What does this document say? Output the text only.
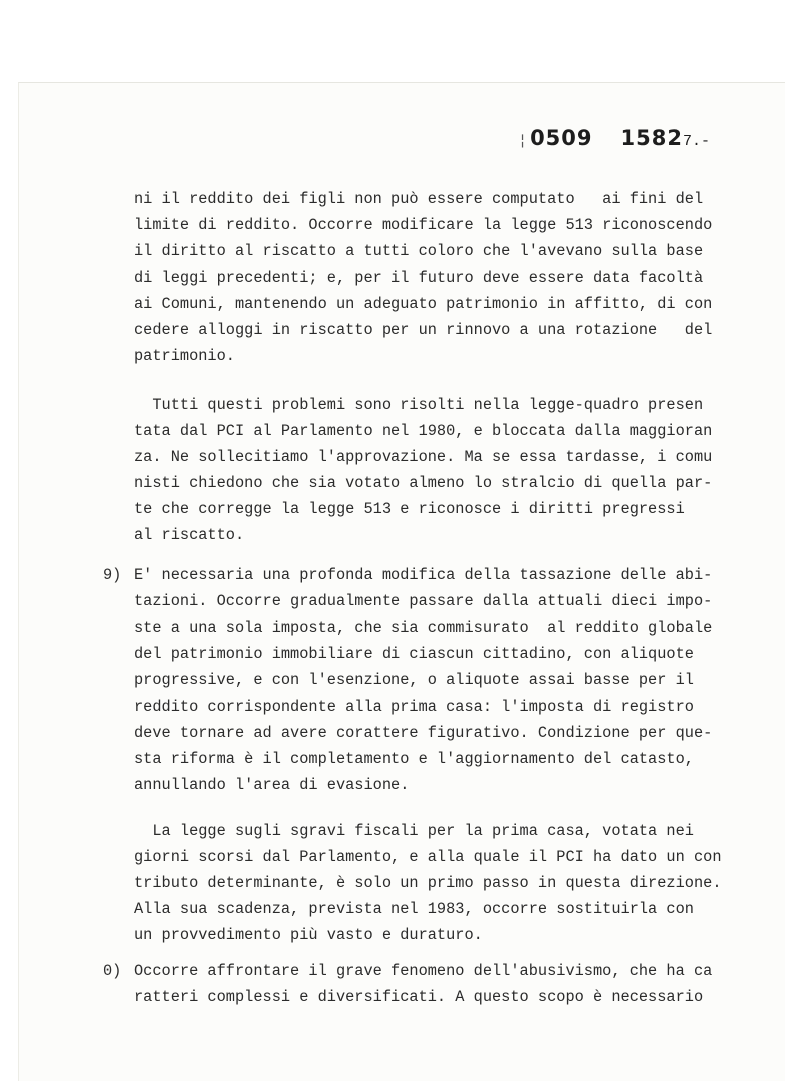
¦ 0509 15827.-
ni il reddito dei figli non può essere computato   ai fini del
limite di reddito. Occorre modificare la legge 513 riconoscendo
il diritto al riscatto a tutti coloro che l'avevano sulla base
di leggi precedenti; e, per il futuro deve essere data facoltà
ai Comuni, mantenendo un adeguato patrimonio in affitto, di con
cedere alloggi in riscatto per un rinnovo a una rotazione   del
patrimonio.
Tutti questi problemi sono risolti nella legge-quadro presen
tata dal PCI al Parlamento nel 1980, e bloccata dalla maggioran
za. Ne sollecitiamo l'approvazione. Ma se essa tardasse, i comu
nisti chiedono che sia votato almeno lo stralcio di quella par-
te che corregge la legge 513 e riconosce i diritti pregressi
al riscatto.
9) E' necessaria una profonda modifica della tassazione delle abi-
tazioni. Occorre gradualmente passare dalla attuali dieci impo-
ste a una sola imposta, che sia commisurato  al reddito globale
del patrimonio immobiliare di ciascun cittadino, con aliquote
progressive, e con l'esenzione, o aliquote assai basse per il
reddito corrispondente alla prima casa: l'imposta di registro
deve tornare ad avere corattere figurativo. Condizione per que-
sta riforma è il completamento e l'aggiornamento del catasto,
annullando l'area di evasione.
La legge sugli sgravi fiscali per la prima casa, votata nei
giorni scorsi dal Parlamento, e alla quale il PCI ha dato un con
tributo determinante, è solo un primo passo in questa direzione.
Alla sua scadenza, prevista nel 1983, occorre sostituirla con
un provvedimento più vasto e duraturo.
0) Occorre affrontare il grave fenomeno dell'abusivismo, che ha ca
ratteri complessi e diversificati. A questo scopo è necessario
